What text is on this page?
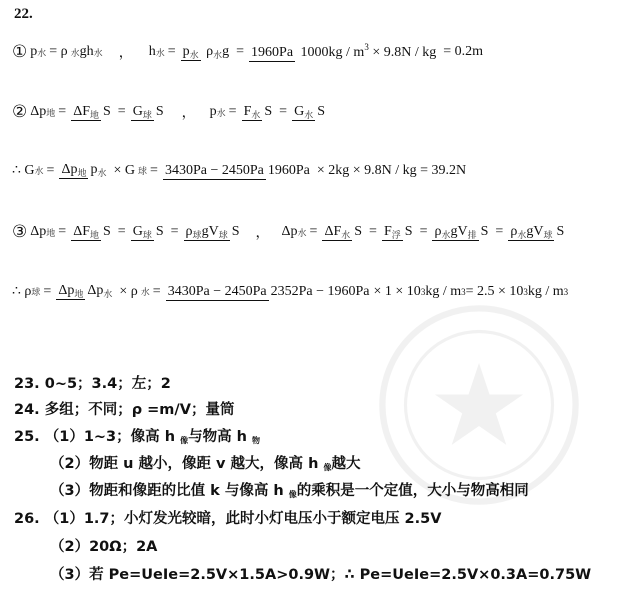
22.
① p 水 = ρ 水 gh 水 ， h 水 = $p_水$ $\rho_水g = 1960Pa$ $1000kg / m^3 \times 9.8N$ / kg = 0.2m
② Δp 地 = $\Delta F_地$ $S = G_球$ S ， p 水 = $F_水$ $S = G_水$ S
∴ G 水 = $\Delta p_地$ $p_水 \times G$ 球 = 3430Pa − 2450Pa 1960Pa × 2kg × 9.8N / kg = 39.2N
③ Δp 地 = $\Delta F_地$ $S = G_球$ $S = \rho_球gV_球$ S ， Δp 水 = $\Delta F_水$ $S = F_浮$ $S = \rho_水gV_排$ $S = \rho_水gV_球$ S
∴ ρ 球 = $\Delta p_地$ $\Delta p_水 \times \rho$ 水 = 3430Pa − 2450Pa 2352Pa − 1960Pa × 1 × 10 3 kg / m 3 = 2.5 × 10 3 kg / m 3
23. 0~5；3.4；左；2
24. 多组；不同；ρ =m/V；量筒
25. （1）1~3；像高 h 像与物高 h 物
（2）物距 u 越小，像距 v 越大，像高 h 像越大
（3）物距和像距的比值 k 与像高 h 像的乘积是一个定值，大小与物高相同
26. （1）1.7；小灯发光较暗，此时小灯电压小于额定电压 2.5V
（2）20Ω；2A
（3）若 Pe=UeIe=2.5V×1.5A>0.9W；∴ Pe=UeIe=2.5V×0.3A=0.75W
